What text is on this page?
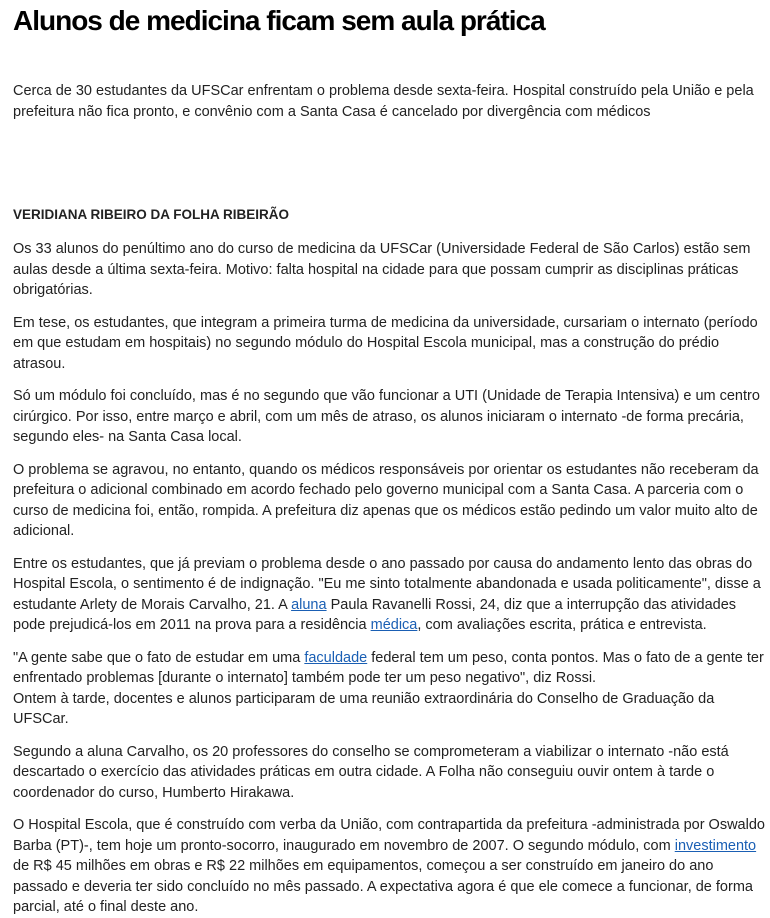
Alunos de medicina ficam sem aula prática

Cerca de 30 estudantes da UFSCar enfrentam o problema desde sexta-feira. Hospital construído pela União e pela prefeitura não fica pronto, e convênio com a Santa Casa é cancelado por divergência com médicos

VERIDIANA RIBEIRO DA FOLHA RIBEIRÃO

Os 33 alunos do penúltimo ano do curso de medicina da UFSCar (Universidade Federal de São Carlos) estão sem aulas desde a última sexta-feira. Motivo: falta hospital na cidade para que possam cumprir as disciplinas práticas obrigatórias.

Em tese, os estudantes, que integram a primeira turma de medicina da universidade, cursariam o internato (período em que estudam em hospitais) no segundo módulo do Hospital Escola municipal, mas a construção do prédio atrasou.

Só um módulo foi concluído, mas é no segundo que vão funcionar a UTI (Unidade de Terapia Intensiva) e um centro cirúrgico. Por isso, entre março e abril, com um mês de atraso, os alunos iniciaram o internato -de forma precária, segundo eles- na Santa Casa local.

O problema se agravou, no entanto, quando os médicos responsáveis por orientar os estudantes não receberam da prefeitura o adicional combinado em acordo fechado pelo governo municipal com a Santa Casa. A parceria com o curso de medicina foi, então, rompida. A prefeitura diz apenas que os médicos estão pedindo um valor muito alto de adicional.

Entre os estudantes, que já previam o problema desde o ano passado por causa do andamento lento das obras do Hospital Escola, o sentimento é de indignação. "Eu me sinto totalmente abandonada e usada politicamente", disse a estudante Arlety de Morais Carvalho, 21. A aluna Paula Ravanelli Rossi, 24, diz que a interrupção das atividades pode prejudicá-los em 2011 na prova para a residência médica, com avaliações escrita, prática e entrevista.

"A gente sabe que o fato de estudar em uma faculdade federal tem um peso, conta pontos. Mas o fato de a gente ter enfrentado problemas [durante o internato] também pode ter um peso negativo", diz Rossi.
Ontem à tarde, docentes e alunos participaram de uma reunião extraordinária do Conselho de Graduação da UFSCar.

Segundo a aluna Carvalho, os 20 professores do conselho se comprometeram a viabilizar o internato -não está descartado o exercício das atividades práticas em outra cidade. A Folha não conseguiu ouvir ontem à tarde o coordenador do curso, Humberto Hirakawa.

O Hospital Escola, que é construído com verba da União, com contrapartida da prefeitura -administrada por Oswaldo Barba (PT)-, tem hoje um pronto-socorro, inaugurado em novembro de 2007. O segundo módulo, com investimento de R$ 45 milhões em obras e R$ 22 milhões em equipamentos, começou a ser construído em janeiro do ano passado e deveria ter sido concluído no mês passado. A expectativa agora é que ele comece a funcionar, de forma parcial, até o final deste ano.
